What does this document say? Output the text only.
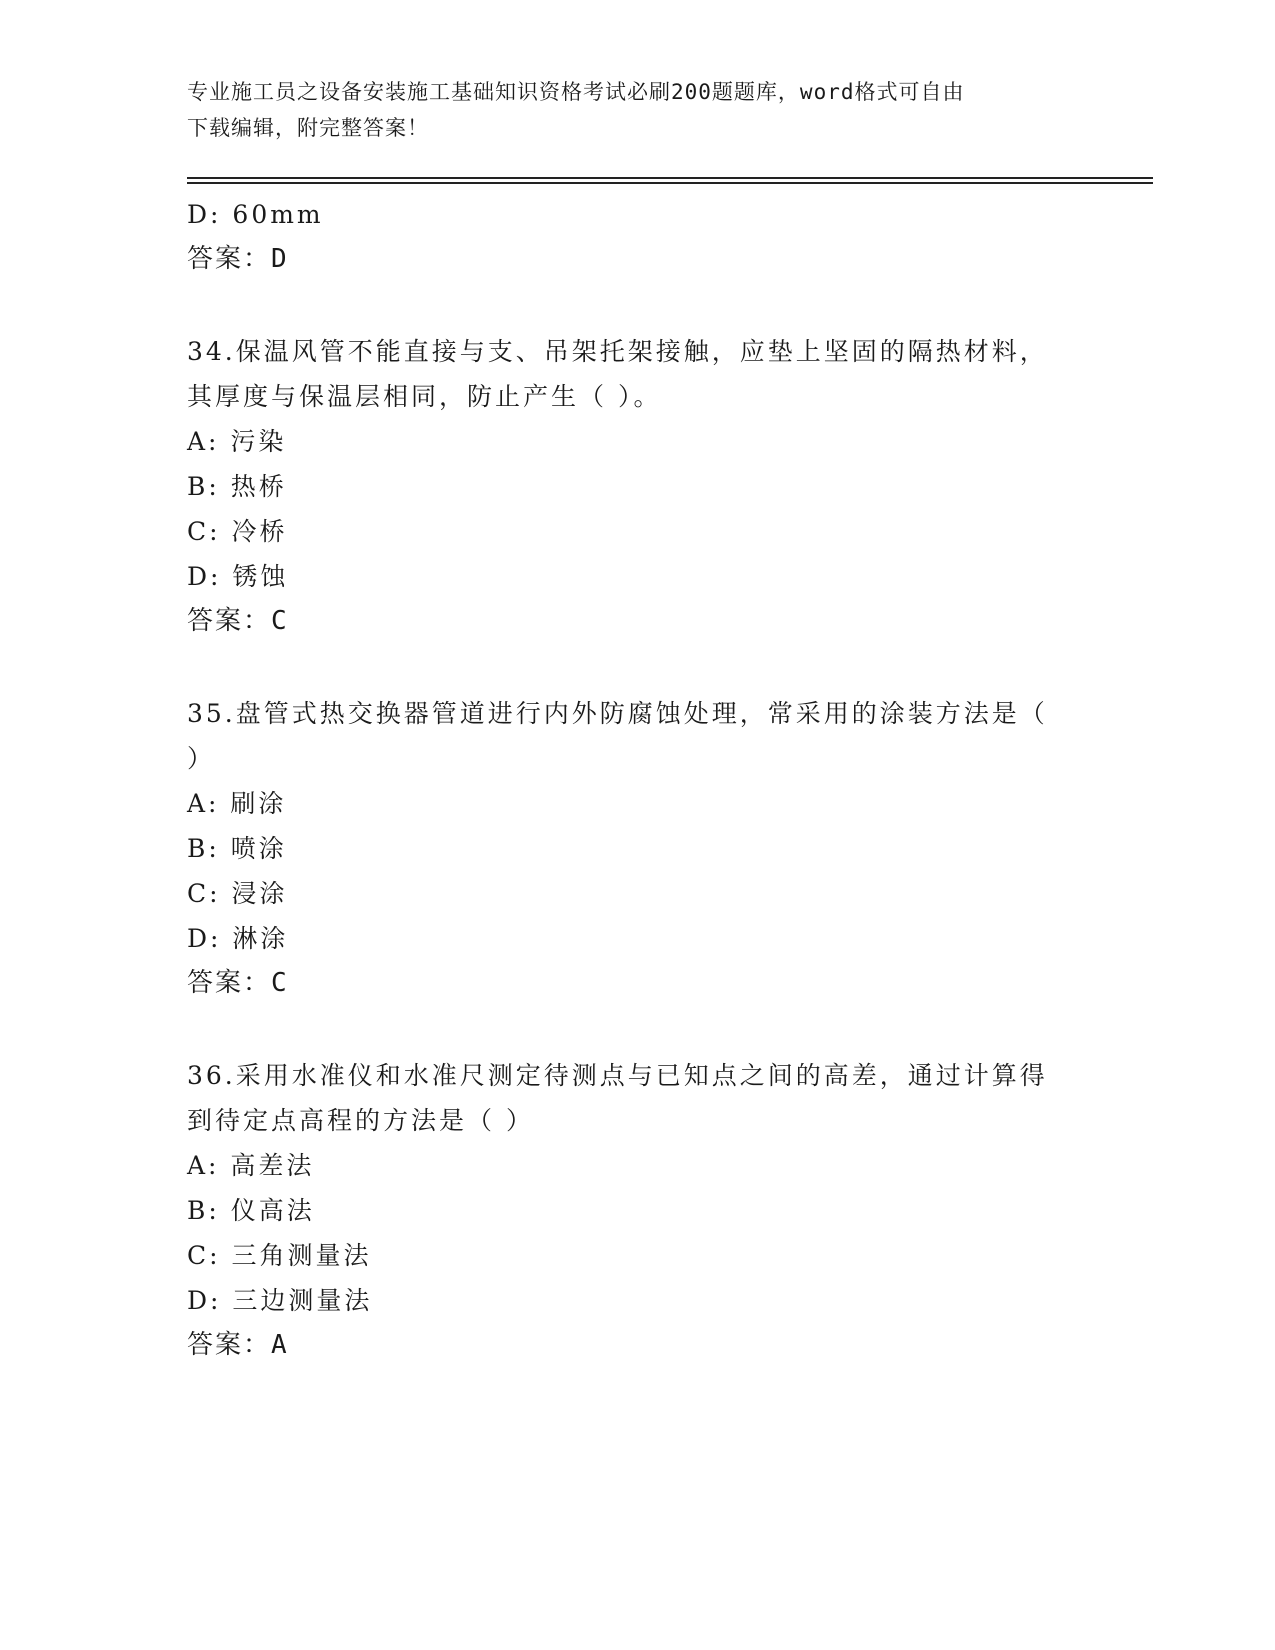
专业施工员之设备安装施工基础知识资格考试必刷200题题库，word格式可自由
下载编辑，附完整答案！
D: 60mm
答案：D
34.保温风管不能直接与支、吊架托架接触，应垫上坚固的隔热材料，
其厚度与保温层相同，防止产生（ ）。
A: 污染
B: 热桥
C: 冷桥
D: 锈蚀
答案：C
35.盘管式热交换器管道进行内外防腐蚀处理，常采用的涂装方法是（
）
A: 刷涂
B: 喷涂
C: 浸涂
D: 淋涂
答案：C
36.采用水准仪和水准尺测定待测点与已知点之间的高差，通过计算得
到待定点高程的方法是（ ）
A: 高差法
B: 仪高法
C: 三角测量法
D: 三边测量法
答案：A
